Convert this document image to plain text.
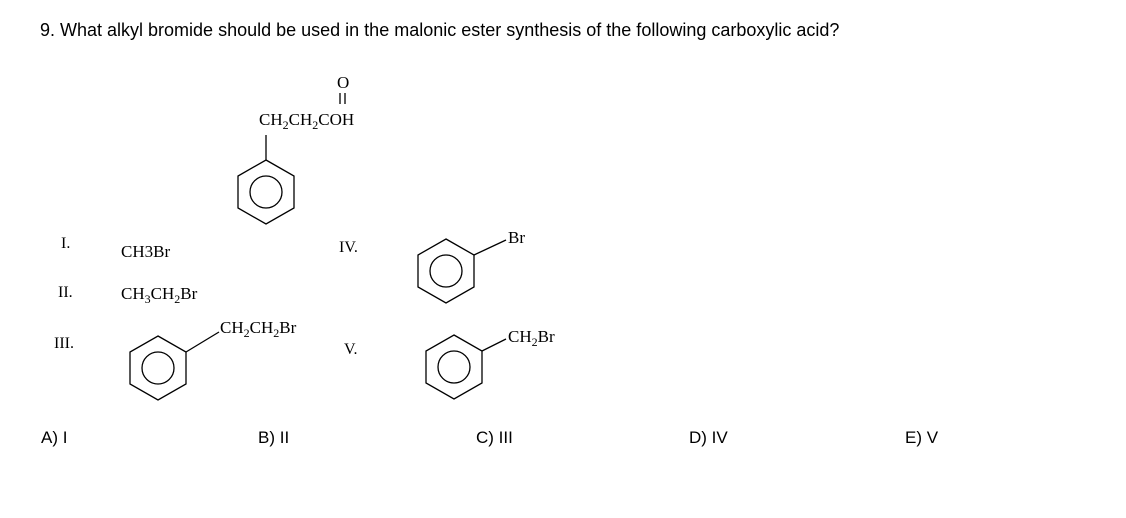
9. What alkyl bromide should be used in the malonic ester synthesis of the following carboxylic acid?
O
$CH_2CH_2COH$
I.	CH3Br
II.	$CH_3CH_2Br$
III.
$CH_2CH_2Br$
IV.
Br
V.
$CH_2Br$
A) I	B) II	C) III	D) IV	E) V
